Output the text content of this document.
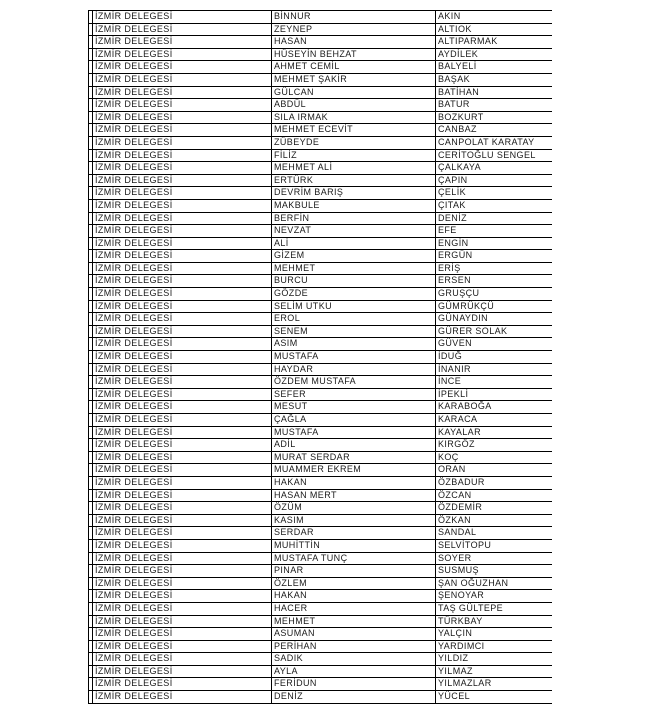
	İZMİR DELEGESİ	BİNNUR	AKIN
	İZMİR DELEGESİ	ZEYNEP	ALTIOK
	İZMİR DELEGESİ	HASAN	ALTIPARMAK
	İZMİR DELEGESİ	HÜSEYİN BEHZAT	AYDİLEK
	İZMİR DELEGESİ	AHMET CEMİL	BALYELİ
	İZMİR DELEGESİ	MEHMET ŞAKİR	BAŞAK
	İZMİR DELEGESİ	GÜLCAN	BATİHAN
	İZMİR DELEGESİ	ABDÜL	BATUR
	İZMİR DELEGESİ	SILA IRMAK	BOZKURT
	İZMİR DELEGESİ	MEHMET ECEVİT	CANBAZ
	İZMİR DELEGESİ	ZÜBEYDE	CANPOLAT KARATAY
	İZMİR DELEGESİ	FİLİZ	CERİTOĞLU SENGEL
	İZMİR DELEGESİ	MEHMET ALİ	ÇALKAYA
	İZMİR DELEGESİ	ERTÜRK	ÇAPIN
	İZMİR DELEGESİ	DEVRİM BARIŞ	ÇELİK
	İZMİR DELEGESİ	MAKBULE	ÇITAK
	İZMİR DELEGESİ	BERFİN	DENİZ
	İZMİR DELEGESİ	NEVZAT	EFE
	İZMİR DELEGESİ	ALİ	ENGİN
	İZMİR DELEGESİ	GİZEM	ERGÜN
	İZMİR DELEGESİ	MEHMET	ERİŞ
	İZMİR DELEGESİ	BURCU	ERSEN
	İZMİR DELEGESİ	GÖZDE	GRUŞÇU
	İZMİR DELEGESİ	SELİM UTKU	GÜMRÜKÇÜ
	İZMİR DELEGESİ	EROL	GÜNAYDIN
	İZMİR DELEGESİ	SENEM	GÜRER SOLAK
	İZMİR DELEGESİ	ASIM	GÜVEN
	İZMİR DELEGESİ	MUSTAFA	İDUĞ
	İZMİR DELEGESİ	HAYDAR	İNANIR
	İZMİR DELEGESİ	ÖZDEM MUSTAFA	İNCE
	İZMİR DELEGESİ	SEFER	İPEKLİ
	İZMİR DELEGESİ	MESUT	KARABOĞA
	İZMİR DELEGESİ	ÇAĞLA	KARACA
	İZMİR DELEGESİ	MUSTAFA	KAYALAR
	İZMİR DELEGESİ	ADİL	KIRGÖZ
	İZMİR DELEGESİ	MURAT SERDAR	KOÇ
	İZMİR DELEGESİ	MUAMMER EKREM	ORAN
	İZMİR DELEGESİ	HAKAN	ÖZBADUR
	İZMİR DELEGESİ	HASAN MERT	ÖZCAN
	İZMİR DELEGESİ	ÖZÜM	ÖZDEMİR
	İZMİR DELEGESİ	KASIM	ÖZKAN
	İZMİR DELEGESİ	SERDAR	SANDAL
	İZMİR DELEGESİ	MUHİTTİN	SELVİTOPU
	İZMİR DELEGESİ	MUSTAFA TUNÇ	SOYER
	İZMİR DELEGESİ	PINAR	SUSMUŞ
	İZMİR DELEGESİ	ÖZLEM	ŞAN OĞUZHAN
	İZMİR DELEGESİ	HAKAN	ŞENOYAR
	İZMİR DELEGESİ	HACER	TAŞ GÜLTEPE
	İZMİR DELEGESİ	MEHMET	TÜRKBAY
	İZMİR DELEGESİ	ASUMAN	YALÇIN
	İZMİR DELEGESİ	PERİHAN	YARDIMCI
	İZMİR DELEGESİ	SADIK	YILDIZ
	İZMİR DELEGESİ	AYLA	YILMAZ
	İZMİR DELEGESİ	FERİDUN	YILMAZLAR
	İZMİR DELEGESİ	DENİZ	YÜCEL
